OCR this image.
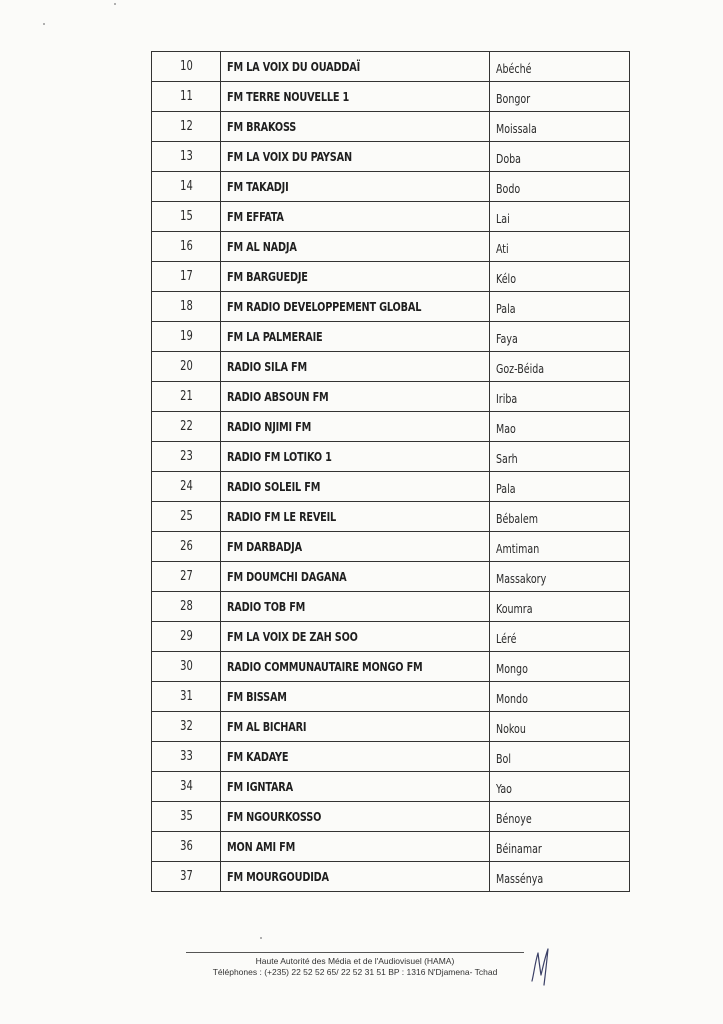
10	FM LA VOIX DU OUADDAÏ	Abéché
11	FM TERRE NOUVELLE 1	Bongor
12	FM BRAKOSS	Moissala
13	FM LA VOIX DU PAYSAN	Doba
14	FM TAKADJI	Bodo
15	FM EFFATA	Lai
16	FM AL NADJA	Ati
17	FM BARGUEDJE	Kélo
18	FM RADIO DEVELOPPEMENT GLOBAL	Pala
19	FM LA PALMERAIE	Faya
20	RADIO SILA FM	Goz-Béida
21	RADIO ABSOUN FM	Iriba
22	RADIO NJIMI FM	Mao
23	RADIO FM LOTIKO 1	Sarh
24	RADIO SOLEIL FM	Pala
25	RADIO FM LE REVEIL	Bébalem
26	FM DARBADJA	Amtiman
27	FM DOUMCHI DAGANA	Massakory
28	RADIO TOB FM	Koumra
29	FM LA VOIX DE ZAH SOO	Léré
30	RADIO COMMUNAUTAIRE MONGO FM	Mongo
31	FM BISSAM	Mondo
32	FM AL BICHARI	Nokou
33	FM KADAYE	Bol
34	FM IGNTARA	Yao
35	FM NGOURKOSSO	Bénoye
36	MON AMI FM	Béinamar
37	FM MOURGOUDIDA	Massénya
Haute Autorité des Média et de l'Audiovisuel (HAMA)
Téléphones : (+235) 22 52 52 65/ 22 52 31 51 BP : 1316 N'Djamena- Tchad
